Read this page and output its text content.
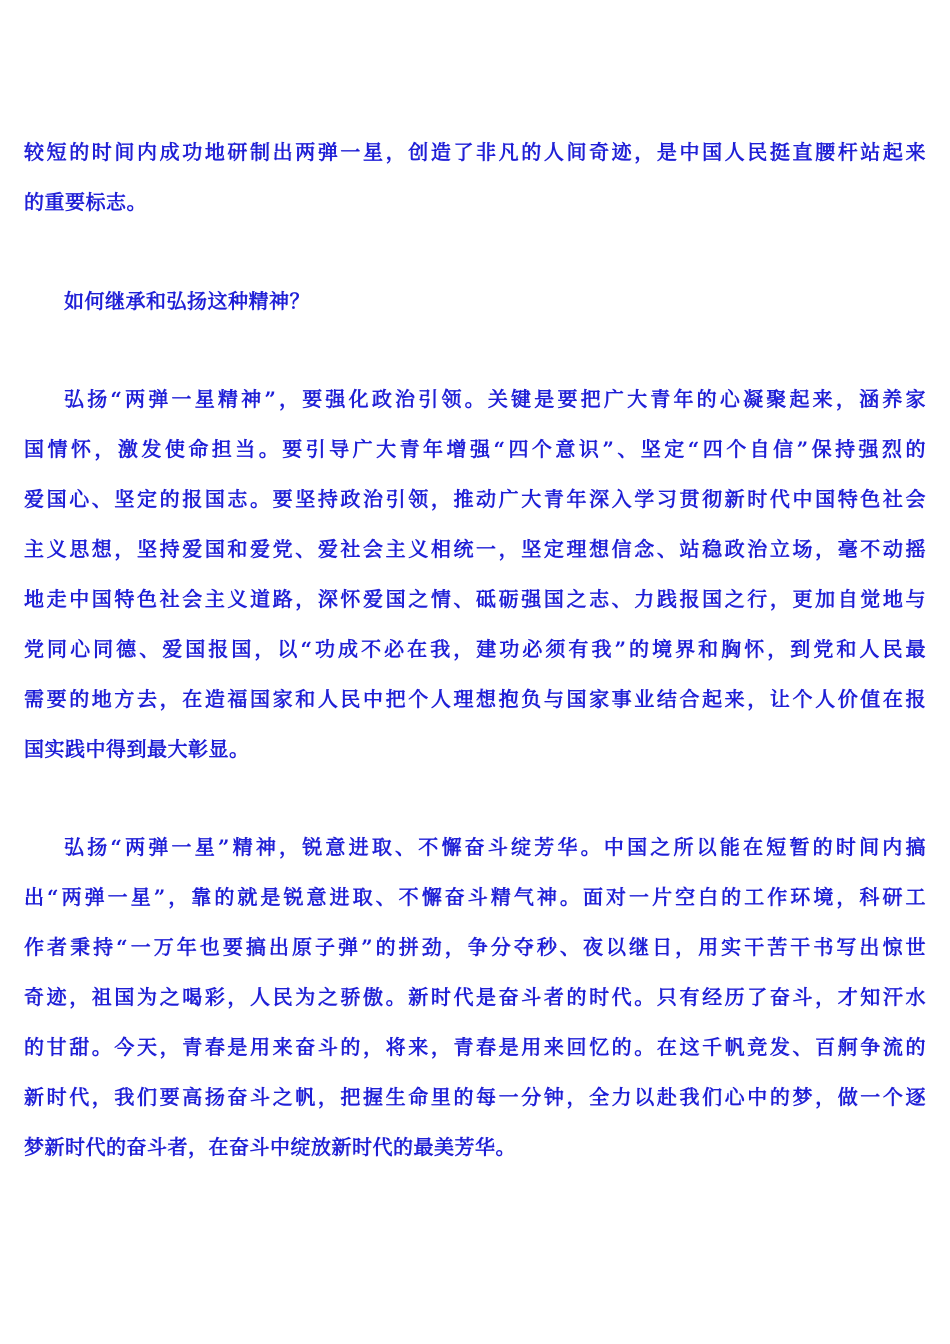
较短的时间内成功地研制出两弹一星，创造了非凡的人间奇迹，是中国人民挺直腰杆站起来
的重要标志。
如何继承和弘扬这种精神？
弘扬“两弹一星精神”，要强化政治引领。关键是要把广大青年的心凝聚起来，涵养家
国情怀，激发使命担当。要引导广大青年增强“四个意识”、坚定“四个自信”保持强烈的
爱国心、坚定的报国志。要坚持政治引领，推动广大青年深入学习贯彻新时代中国特色社会
主义思想，坚持爱国和爱党、爱社会主义相统一，坚定理想信念、站稳政治立场，毫不动摇
地走中国特色社会主义道路，深怀爱国之情、砥砺强国之志、力践报国之行，更加自觉地与
党同心同德、爱国报国，以“功成不必在我，建功必须有我”的境界和胸怀，到党和人民最
需要的地方去，在造福国家和人民中把个人理想抱负与国家事业结合起来，让个人价值在报
国实践中得到最大彰显。
弘扬“两弹一星”精神，锐意进取、不懈奋斗绽芳华。中国之所以能在短暂的时间内搞
出“两弹一星”，靠的就是锐意进取、不懈奋斗精气神。面对一片空白的工作环境，科研工
作者秉持“一万年也要搞出原子弹”的拼劲，争分夺秒、夜以继日，用实干苦干书写出惊世
奇迹，祖国为之喝彩，人民为之骄傲。新时代是奋斗者的时代。只有经历了奋斗，才知汗水
的甘甜。今天，青春是用来奋斗的，将来，青春是用来回忆的。在这千帆竞发、百舸争流的
新时代，我们要高扬奋斗之帆，把握生命里的每一分钟，全力以赴我们心中的梦，做一个逐
梦新时代的奋斗者，在奋斗中绽放新时代的最美芳华。
